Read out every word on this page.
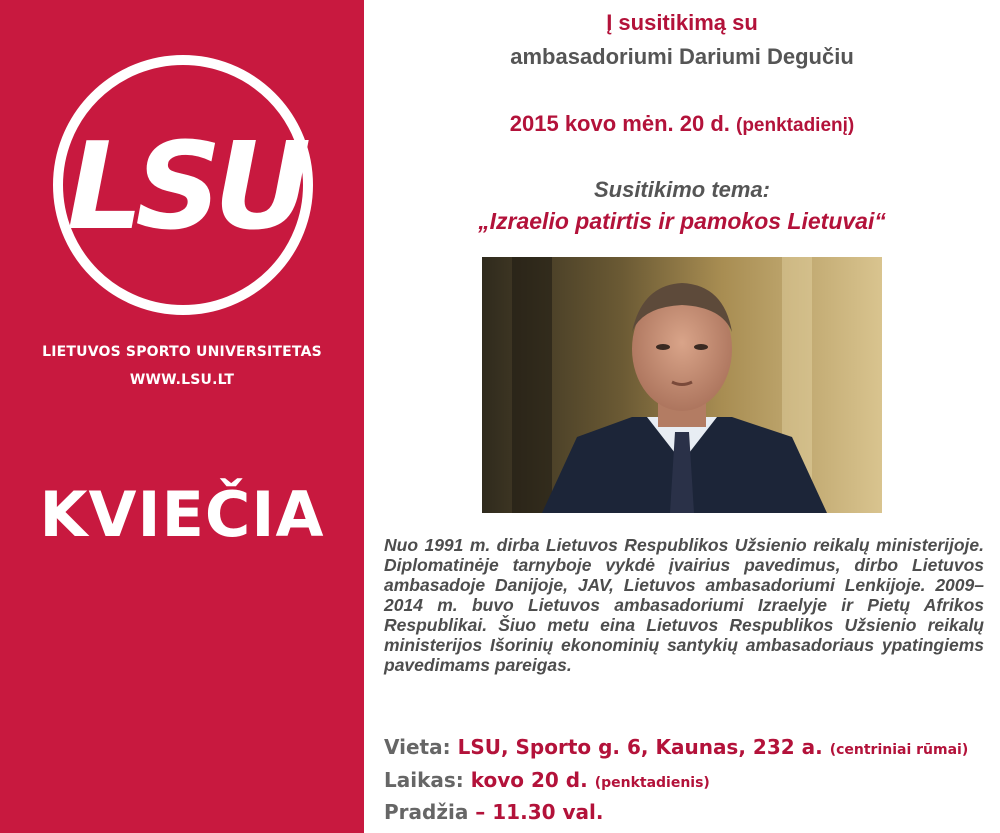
LSU
LIETUVOS SPORTO UNIVERSITETAS
WWW.LSU.LT
KVIEČIA
Į susitikimą su
ambasadoriumi Dariumi Degučiu
2015 kovo mėn. 20 d. (penktadienį)
Susitikimo tema:
„Izraelio patirtis ir pamokos Lietuvai“
Nuo 1991 m. dirba Lietuvos Respublikos Užsienio reikalų ministerijoje. Diplomatinėje tarnyboje vykdė įvairius pavedimus, dirbo Lietuvos ambasadoje Danijoje, JAV, Lietuvos ambasadoriumi Lenkijoje. 2009–2014 m. buvo Lietuvos ambasadoriumi Izraelyje ir Pietų Afrikos Respublikai. Šiuo metu eina Lietuvos Respublikos Užsienio reikalų ministerijos Išorinių ekonominių santykių ambasadoriaus ypatingiems pavedimams pareigas.
Vieta: LSU, Sporto g. 6, Kaunas, 232 a. (centriniai rūmai)
Laikas: kovo 20 d. (penktadienis)
Pradžia – 11.30 val.
